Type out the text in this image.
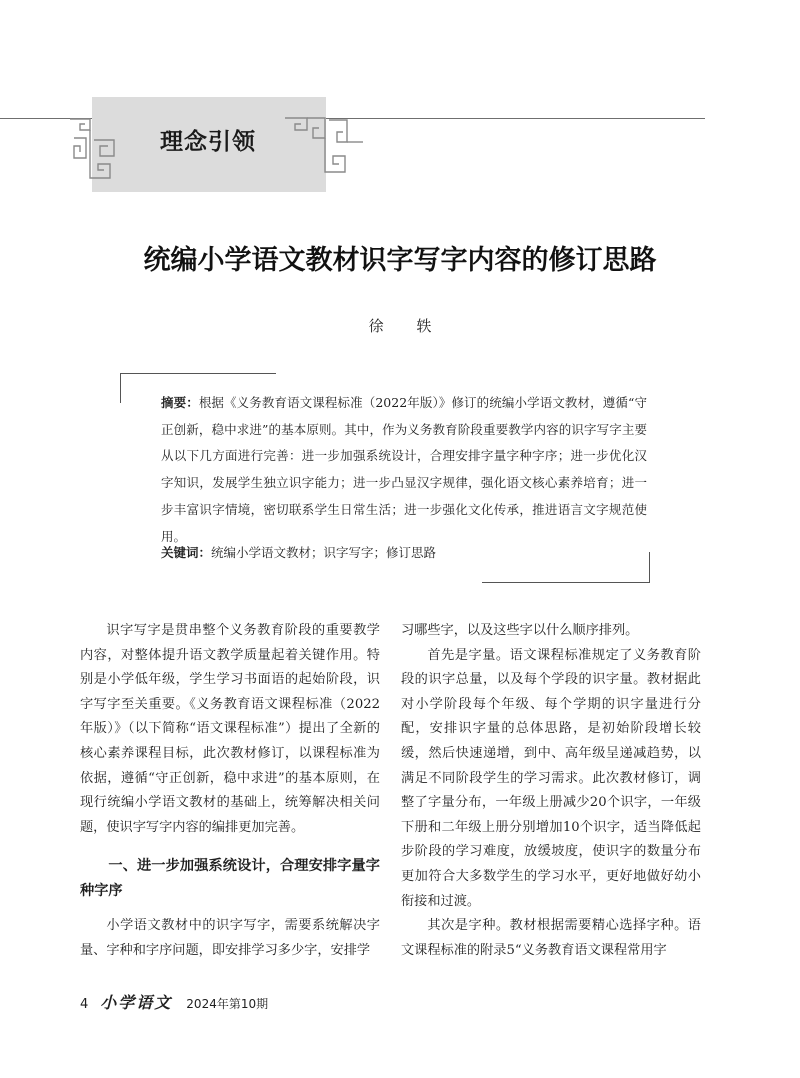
理念引领
统编小学语文教材识字写字内容的修订思路
徐 轶
摘要：根据《义务教育语文课程标准（2022年版）》修订的统编小学语文教材，遵循“守正创新，稳中求进”的基本原则。其中，作为义务教育阶段重要教学内容的识字写字主要从以下几方面进行完善：进一步加强系统设计，合理安排字量字种字序；进一步优化汉字知识，发展学生独立识字能力；进一步凸显汉字规律，强化语文核心素养培育；进一步丰富识字情境，密切联系学生日常生活；进一步强化文化传承，推进语言文字规范使用。
关键词：统编小学语文教材；识字写字；修订思路

识字写字是贯串整个义务教育阶段的重要教学内容，对整体提升语文教学质量起着关键作用。特别是小学低年级，学生学习书面语的起始阶段，识字写字至关重要。《义务教育语文课程标准（2022年版）》（以下简称“语文课程标准”）提出了全新的核心素养课程目标，此次教材修订，以课程标准为依据，遵循“守正创新，稳中求进”的基本原则，在现行统编小学语文教材的基础上，统筹解决相关问题，使识字写字内容的编排更加完善。

一、进一步加强系统设计，合理安排字量字种字序

小学语文教材中的识字写字，需要系统解决字量、字种和字序问题，即安排学习多少字，安排学

习哪些字，以及这些字以什么顺序排列。

首先是字量。语文课程标准规定了义务教育阶段的识字总量，以及每个学段的识字量。教材据此对小学阶段每个年级、每个学期的识字量进行分配，安排识字量的总体思路，是初始阶段增长较缓，然后快速递增，到中、高年级呈递减趋势，以满足不同阶段学生的学习需求。此次教材修订，调整了字量分布，一年级上册减少20个识字，一年级下册和二年级上册分别增加10个识字，适当降低起步阶段的学习难度，放缓坡度，使识字的数量分布更加符合大多数学生的学习水平，更好地做好幼小衔接和过渡。

其次是字种。教材根据需要精心选择字种。语文课程标准的附录5“义务教育语文课程常用字

4 小学语文 2024年第10期
